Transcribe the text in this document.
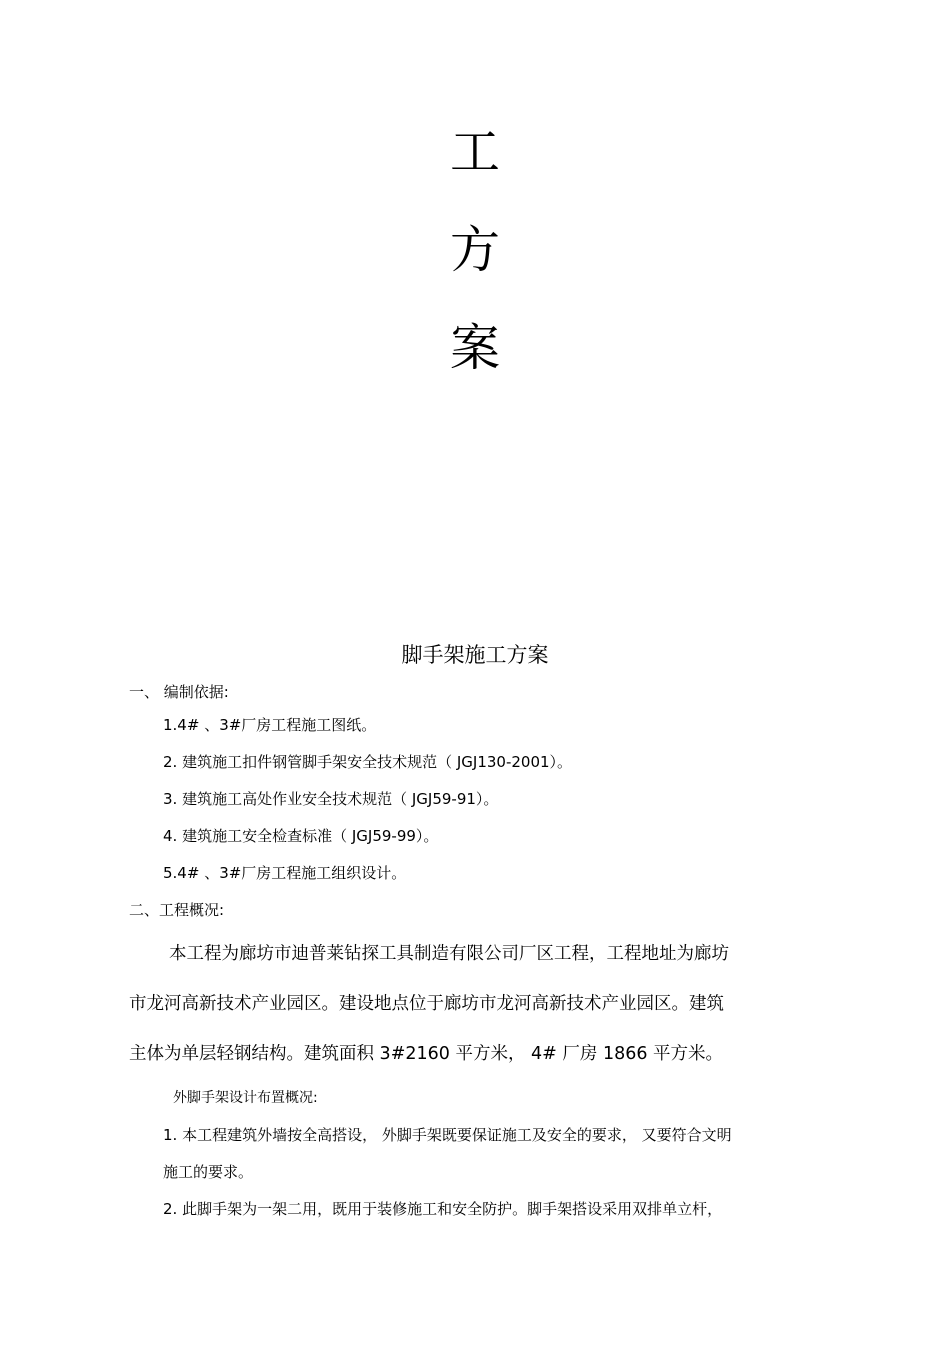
工
方
案
脚手架施工方案
一、 编制依据:
1.4# 、3#厂房工程施工图纸。
2. 建筑施工扣件钢管脚手架安全技术规范（ JGJ130-2001）。
3. 建筑施工高处作业安全技术规范（ JGJ59-91）。
4. 建筑施工安全检查标准（ JGJ59-99）。
5.4# 、3#厂房工程施工组织设计。
二、工程概况:
本工程为廊坊市迪普莱钻探工具制造有限公司厂区工程，工程地址为廊坊
市龙河高新技术产业园区。建设地点位于廊坊市龙河高新技术产业园区。建筑
主体为单层轻钢结构。建筑面积 3#2160 平方米， 4# 厂房 1866 平方米。
外脚手架设计布置概况:
1. 本工程建筑外墙按全高搭设， 外脚手架既要保证施工及安全的要求， 又要符合文明
施工的要求。
2. 此脚手架为一架二用，既用于装修施工和安全防护。脚手架搭设采用双排单立杆，
